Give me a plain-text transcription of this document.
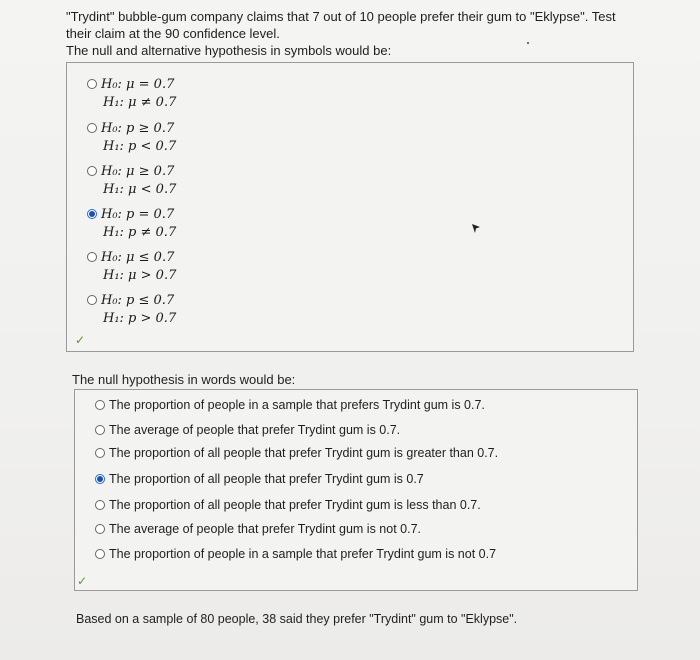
"Trydint" bubble-gum company claims that 7 out of 10 people prefer their gum to "Eklypse". Test
their claim at the 90 confidence level.
The null and alternative hypothesis in symbols would be:
H₀: μ = 0.7
H₁: μ ≠ 0.7
H₀: p ≥ 0.7
H₁: p < 0.7
H₀: μ ≥ 0.7
H₁: μ < 0.7
H₀: p = 0.7
H₁: p ≠ 0.7
H₀: μ ≤ 0.7
H₁: μ > 0.7
H₀: p ≤ 0.7
H₁: p > 0.7
✓
The null hypothesis in words would be:
The proportion of people in a sample that prefers Trydint gum is 0.7.
The average of people that prefer Trydint gum is 0.7.
The proportion of all people that prefer Trydint gum is greater than 0.7.
The proportion of all people that prefer Trydint gum is 0.7
The proportion of all people that prefer Trydint gum is less than 0.7.
The average of people that prefer Trydint gum is not 0.7.
The proportion of people in a sample that prefer Trydint gum is not 0.7
✓
Based on a sample of 80 people, 38 said they prefer "Trydint" gum to "Eklypse".
